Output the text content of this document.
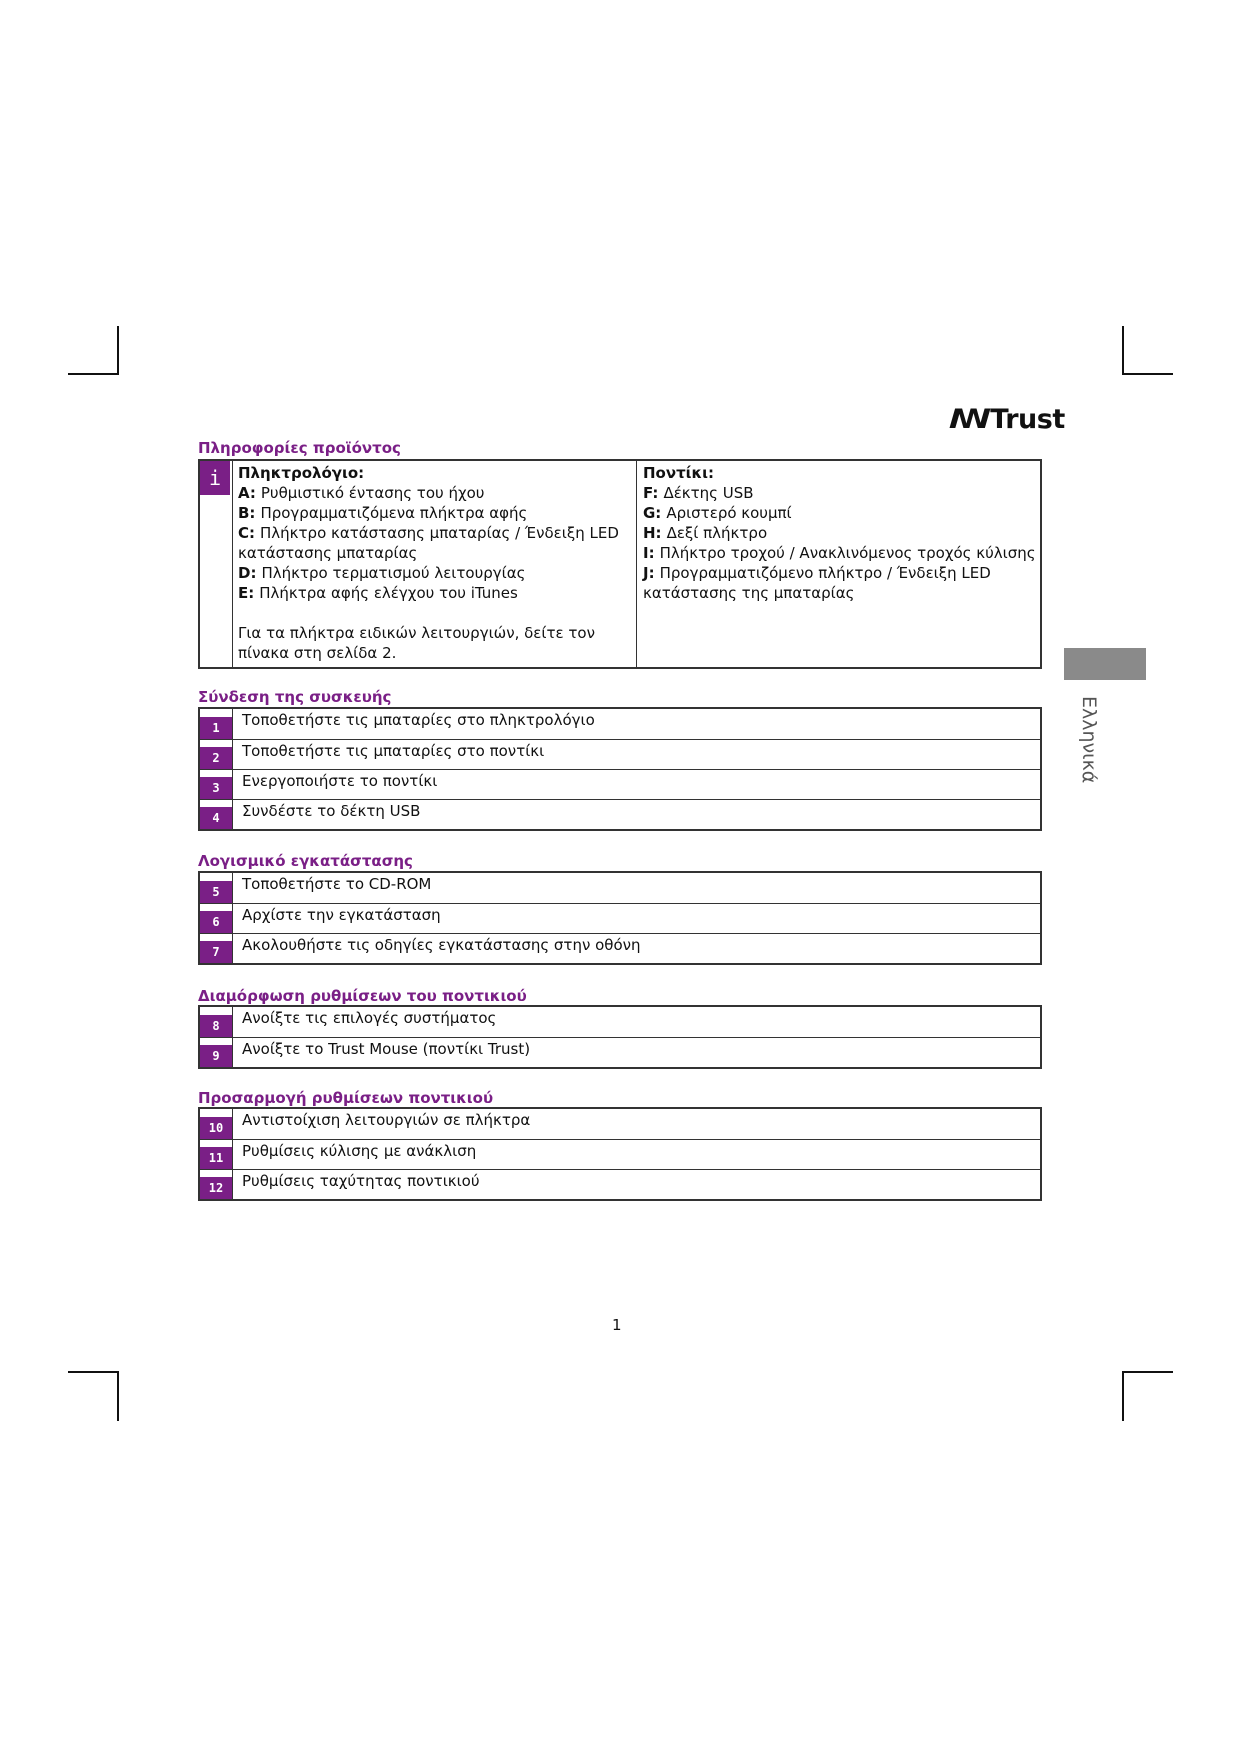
ꟿTrust
Πληροφορίες προϊόντος
i	Πληκτρολόγιο:
A: Ρυθμιστικό έντασης του ήχου
B: Προγραμματιζόμενα πλήκτρα αφής
C: Πλήκτρο κατάστασης μπαταρίας / Ένδειξη LED κατάστασης μπαταρίας
D: Πλήκτρο τερματισμού λειτουργίας
E: Πλήκτρα αφής ελέγχου του iTunes
Για τα πλήκτρα ειδικών λειτουργιών, δείτε τον πίνακα στη σελίδα 2.
Ποντίκι:
F: Δέκτης USB
G: Αριστερό κουμπί
H: Δεξί πλήκτρο
I: Πλήκτρο τροχού / Ανακλινόμενος τροχός κύλισης
J: Προγραμματιζόμενο πλήκτρο / Ένδειξη LED κατάστασης της μπαταρίας
Σύνδεση της συσκευής
1	Τοποθετήστε τις μπαταρίες στο πληκτρολόγιο
2	Τοποθετήστε τις μπαταρίες στο ποντίκι
3	Ενεργοποιήστε το ποντίκι
4	Συνδέστε το δέκτη USB
Λογισμικό εγκατάστασης
5	Τοποθετήστε το CD-ROM
6	Αρχίστε την εγκατάσταση
7	Ακολουθήστε τις οδηγίες εγκατάστασης στην οθόνη
Διαμόρφωση ρυθμίσεων του ποντικιού
8	Ανοίξτε τις επιλογές συστήματος
9	Ανοίξτε το Trust Mouse (ποντίκι Trust)
Προσαρμογή ρυθμίσεων ποντικιού
10	Αντιστοίχιση λειτουργιών σε πλήκτρα
11	Ρυθμίσεις κύλισης με ανάκλιση
12	Ρυθμίσεις ταχύτητας ποντικιού
Ελληνικά
1
